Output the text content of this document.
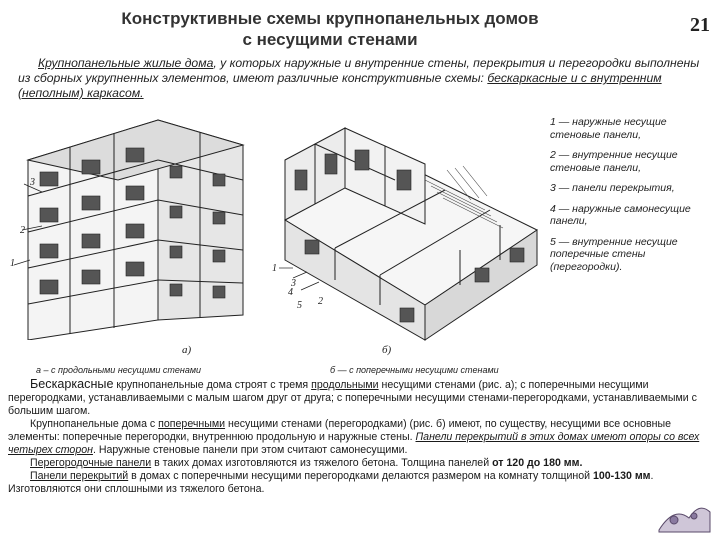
Конструктивные схемы крупнопанельных домов
с несущими стенами
21
Крупнопанельные жилые дома, у которых наружные и внутренние стены, перекрытия и перегородки выполнены из сборных укрупненных элементов, имеют различные конструктивные схемы: бескаркасные и с внутренним (неполным) каркасом.
3
2
1
а)
а – с продольными несущими стенами
1
3
4
5 2
б)
б — с поперечными несущими стенами
1 — наружные несущие стеновые панели,
2 — внутренние несущие стеновые панели,
3 — панели перекрытия,
4 — наружные самонесущие панели,
5 — внутренние несущие поперечные стены (перегородки).

Бескаркасные крупнопанельные дома строят с тремя продольными несущими стенами (рис. а); с поперечными несущими перегородками, устанавливаемыми с малым шагом друг от друга; с поперечными несущими стенами-перегородками, устанавливаемыми с большим шагом.

Крупнопанельные дома с поперечными несущими стенами (перегородками) (рис. б) имеют, по существу, несущими все основные элементы: поперечные перегородки, внутреннюю продольную и наружные стены. Панели перекрытий в этих домах имеют опоры со всех четырех сторон. Наружные стеновые панели при этом считают самонесущими.

Перегородочные панели в таких домах изготовляются из тяжелого бетона. Толщина панелей от 120 до 180 мм.

Панели перекрытий в домах с поперечными несущими перегородками делаются размером на комнату толщиной 100-130 мм. Изготовляются они сплошными из тяжелого бетона.
